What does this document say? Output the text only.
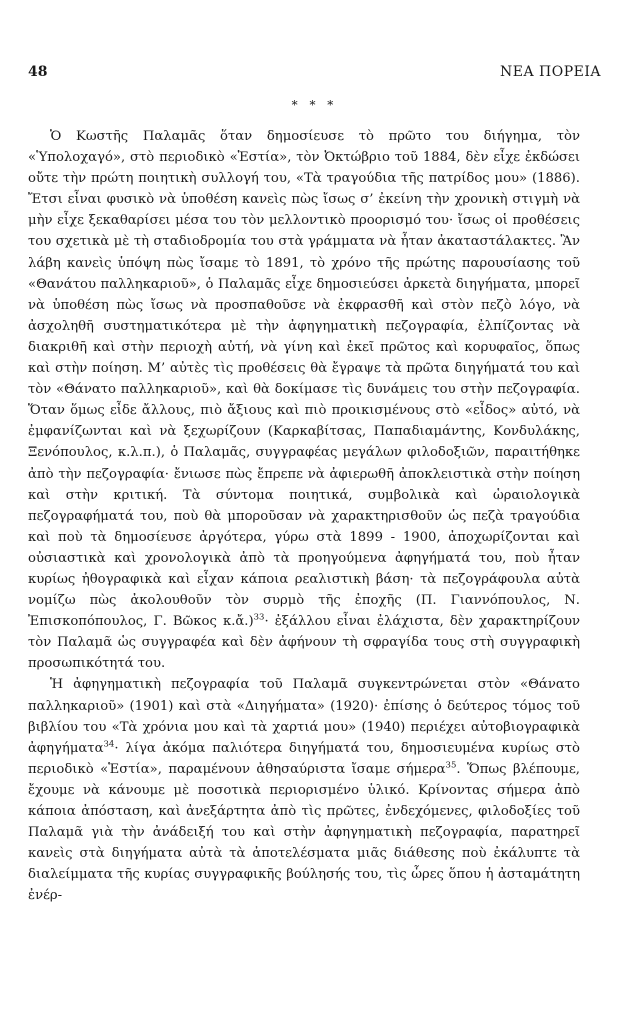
48	ΝΕΑ ΠΟΡΕΙΑ
* * *

Ὁ Κωστῆς Παλαμᾶς ὅταν δημοσίευσε τὸ πρῶτο του διήγημα, τὸν «Ὑπολοχαγό», στὸ περιοδικὸ «Ἑστία», τὸν Ὀκτώβριο τοῦ 1884, δὲν εἶχε ἐκδώσει οὔτε τὴν πρώτη ποιητικὴ συλλογή του, «Τὰ τραγούδια τῆς πατρίδος μου» (1886). Ἔτσι εἶναι φυσικὸ νὰ ὑποθέση κανεὶς πὼς ἴσως σ’ ἐκείνη τὴν χρονικὴ στιγμὴ νὰ μὴν εἶχε ξεκαθαρίσει μέσα του τὸν μελλοντικὸ προορισμό του· ἴσως οἱ προθέσεις του σχετικὰ μὲ τὴ σταδιοδρομία του στὰ γράμματα νὰ ἦταν ἀκαταστάλακτες. Ἂν λάβη κανεὶς ὑπόψη πὼς ἴσαμε τὸ 1891, τὸ χρόνο τῆς πρώτης παρουσίασης τοῦ «Θανάτου παλληκαριοῦ», ὁ Παλαμᾶς εἶχε δημοσιεύσει ἀρκετὰ διηγήματα, μπορεῖ νὰ ὑποθέση πὼς ἴσως νὰ προσπαθοῦσε νὰ ἐκφρασθῆ καὶ στὸν πεζὸ λόγο, νὰ ἀσχοληθῆ συστηματικότερα μὲ τὴν ἀφηγηματικὴ πεζογραφία, ἐλπίζοντας νὰ διακριθῆ καὶ στὴν περιοχὴ αὐτή, νὰ γίνη καὶ ἐκεῖ πρῶτος καὶ κορυφαῖος, ὅπως καὶ στὴν ποίηση. Μ’ αὐτὲς τὶς προθέσεις θὰ ἔγραψε τὰ πρῶτα διηγήματά του καὶ τὸν «Θάνατο παλληκαριοῦ», καὶ θὰ δοκίμασε τὶς δυνάμεις του στὴν πεζογραφία. Ὅταν ὅμως εἶδε ἄλλους, πιὸ ἄξιους καὶ πιὸ προικισμένους στὸ «εἶδος» αὐτό, νὰ ἐμφανίζωνται καὶ νὰ ξεχωρίζουν (Καρκαβίτσας, Παπαδιαμάντης, Κονδυλάκης, Ξενόπουλος, κ.λ.π.), ὁ Παλαμᾶς, συγγραφέας μεγάλων φιλοδοξιῶν, παραιτήθηκε ἀπὸ τὴν πεζογραφία· ἔνιωσε πὼς ἔπρεπε νὰ ἀφιερωθῆ ἀποκλειστικὰ στὴν ποίηση καὶ στὴν κριτική. Τὰ σύντομα ποιητικά, συμβολικὰ καὶ ὡραιολογικὰ πεζογραφήματά του, ποὺ θὰ μποροῦσαν νὰ χαρακτηρισθοῦν ὡς πεζὰ τραγούδια καὶ ποὺ τὰ δημοσίευσε ἀργότερα, γύρω στὰ 1899 - 1900, ἀποχωρίζονται καὶ οὐσιαστικὰ καὶ χρονολογικὰ ἀπὸ τὰ προηγούμενα ἀφηγήματά του, ποὺ ἦταν κυρίως ἠθογραφικὰ καὶ εἶχαν κάποια ρεαλιστικὴ βάση· τὰ πεζογράφουλα αὐτὰ νομίζω πὼς ἀκολουθοῦν τὸν συρμὸ τῆς ἐποχῆς (Π. Γιαννόπουλος, Ν. Ἐπισκοπόπουλος, Γ. Βῶκος κ.ἄ.)$^{33}$· ἐξάλλου εἶναι ἐλάχιστα, δὲν χαρακτηρίζουν τὸν Παλαμᾶ ὡς συγγραφέα καὶ δὲν ἀφήνουν τὴ σφραγίδα τους στὴ συγγραφικὴ προσωπικότητά του.

Ἡ ἀφηγηματικὴ πεζογραφία τοῦ Παλαμᾶ συγκεντρώνεται στὸν «Θάνατο παλληκαριοῦ» (1901) καὶ στὰ «Διηγήματα» (1920)· ἐπίσης ὁ δεύτερος τόμος τοῦ βιβλίου του «Τὰ χρόνια μου καὶ τὰ χαρτιά μου» (1940) περιέχει αὐτοβιογραφικὰ ἀφηγήματα$^{34}$· λίγα ἀκόμα παλιότερα διηγήματά του, δημοσιευμένα κυρίως στὸ περιοδικὸ «Ἑστία», παραμένουν ἀθησαύριστα ἴσαμε σήμερα$^{35}$. Ὅπως βλέπουμε, ἔχουμε νὰ κάνουμε μὲ ποσοτικὰ περιορισμένο ὑλικό. Κρίνοντας σήμερα ἀπὸ κάποια ἀπόσταση, καὶ ἀνεξάρτητα ἀπὸ τὶς πρῶτες, ἐνδεχόμενες, φιλοδοξίες τοῦ Παλαμᾶ γιὰ τὴν ἀνάδειξή του καὶ στὴν ἀφηγηματικὴ πεζογραφία, παρατηρεῖ κανεὶς στὰ διηγήματα αὐτὰ τὰ ἀποτελέσματα μιᾶς διάθεσης ποὺ ἐκάλυπτε τὰ διαλείμματα τῆς κυρίας συγγραφικῆς βούλησής του, τὶς ὧρες ὅπου ἡ ἀσταμάτητη ἐνέρ-
